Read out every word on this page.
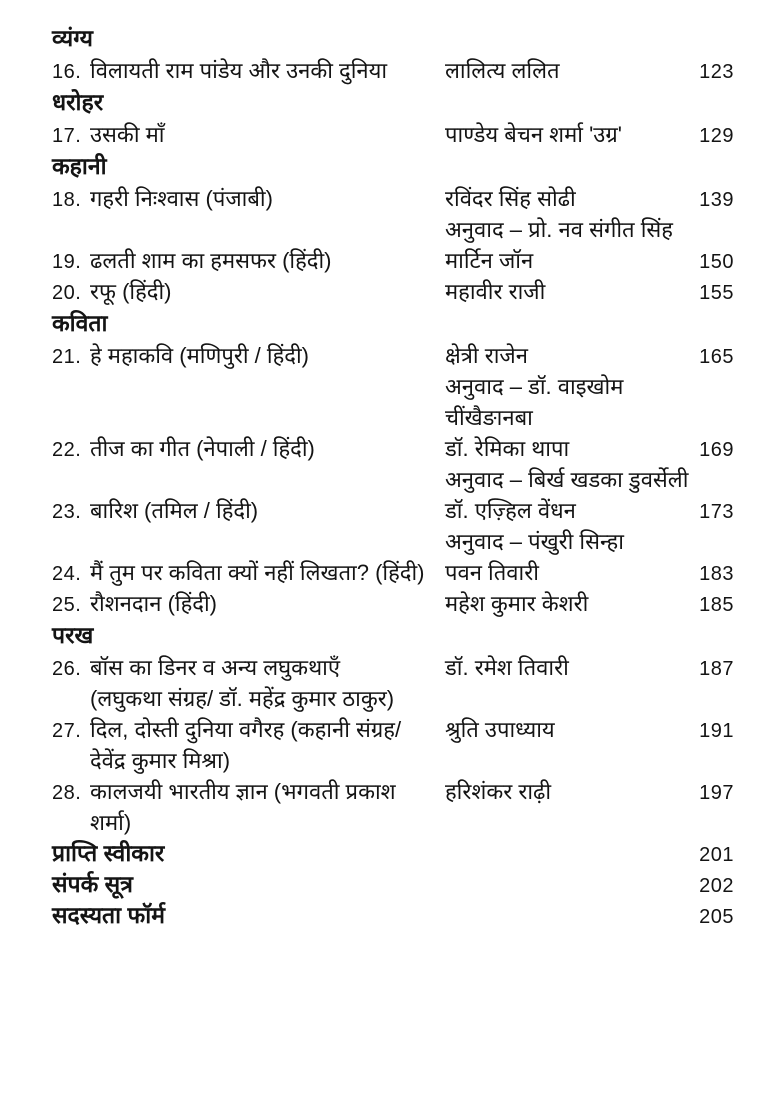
व्यंग्य
16. विलायती राम पांडेय और उनकी दुनिया	लालित्य ललित	123
धरोहर
17. उसकी माँ	पाण्डेय बेचन शर्मा 'उग्र'	129
कहानी
18. गहरी निःश्वास (पंजाबी)	रविंदर सिंह सोढी	139
अनुवाद – प्रो. नव संगीत सिंह
19. ढलती शाम का हमसफर (हिंदी)	मार्टिन जॉन	150
20. रफू (हिंदी)	महावीर राजी	155
कविता
21. हे महाकवि (मणिपुरी / हिंदी)	क्षेत्री राजेन	165
अनुवाद – डॉ. वाइखोम
चींखैङानबा
22. तीज का गीत (नेपाली / हिंदी)	डॉ. रेमिका थापा	169
अनुवाद – बिर्ख खडका डुवर्सेली
23. बारिश (तमिल / हिंदी)	डॉ. एज़्हिल वेंधन	173
अनुवाद – पंखुरी सिन्हा
24. मैं तुम पर कविता क्यों नहीं लिखता? (हिंदी) पवन तिवारी	183
25. रौशनदान (हिंदी)	महेश कुमार केशरी	185
परख
26. बॉस का डिनर व अन्य लघुकथाएँ	डॉ. रमेश तिवारी	187
(लघुकथा संग्रह/ डॉ. महेंद्र कुमार ठाकुर)
27. दिल, दोस्ती दुनिया वगैरह (कहानी संग्रह/	श्रुति उपाध्याय	191
देवेंद्र कुमार मिश्रा)
28. कालजयी भारतीय ज्ञान (भगवती प्रकाश	हरिशंकर राढ़ी	197
शर्मा)
प्राप्ति स्वीकार	201
संपर्क सूत्र	202
सदस्यता फॉर्म	205
